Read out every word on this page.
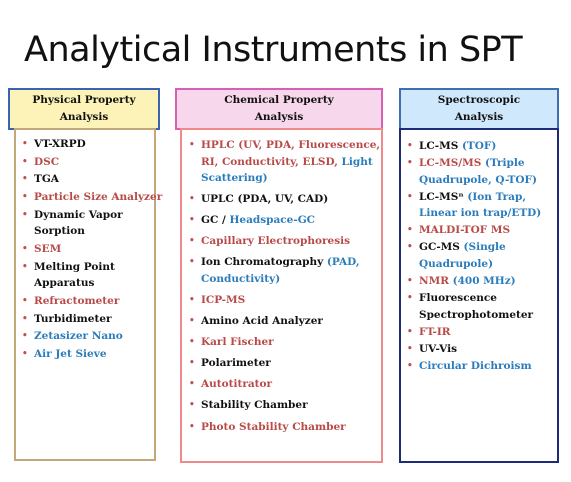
Analytical Instruments in SPT
Physical Property
Analysis
Chemical Property
Analysis
Spectroscopic
Analysis
• VT-XRPD
• DSC
• TGA
• Particle Size Analyzer
• Dynamic Vapor
Sorption
• SEM
• Melting Point
Apparatus
• Refractometer
• Turbidimeter
• Zetasizer Nano
• Air Jet Sieve
• HPLC (UV, PDA, Fluorescence,
RI, Conductivity, ELSD, Light
Scattering)
• UPLC (PDA, UV, CAD)
• GC / Headspace-GC
• Capillary Electrophoresis
• Ion Chromatography (PAD,
Conductivity)
• ICP-MS
• Amino Acid Analyzer
• Karl Fischer
• Polarimeter
• Autotitrator
• Stability Chamber
• Photo Stability Chamber
• LC-MS (TOF)
• LC-MS/MS (Triple
Quadrupole, Q-TOF)
• LC-MSⁿ (Ion Trap,
Linear ion trap/ETD)
• MALDI-TOF MS
• GC-MS (Single
Quadrupole)
• NMR (400 MHz)
• Fluorescence
Spectrophotometer
• FT-IR
• UV-Vis
• Circular Dichroism
